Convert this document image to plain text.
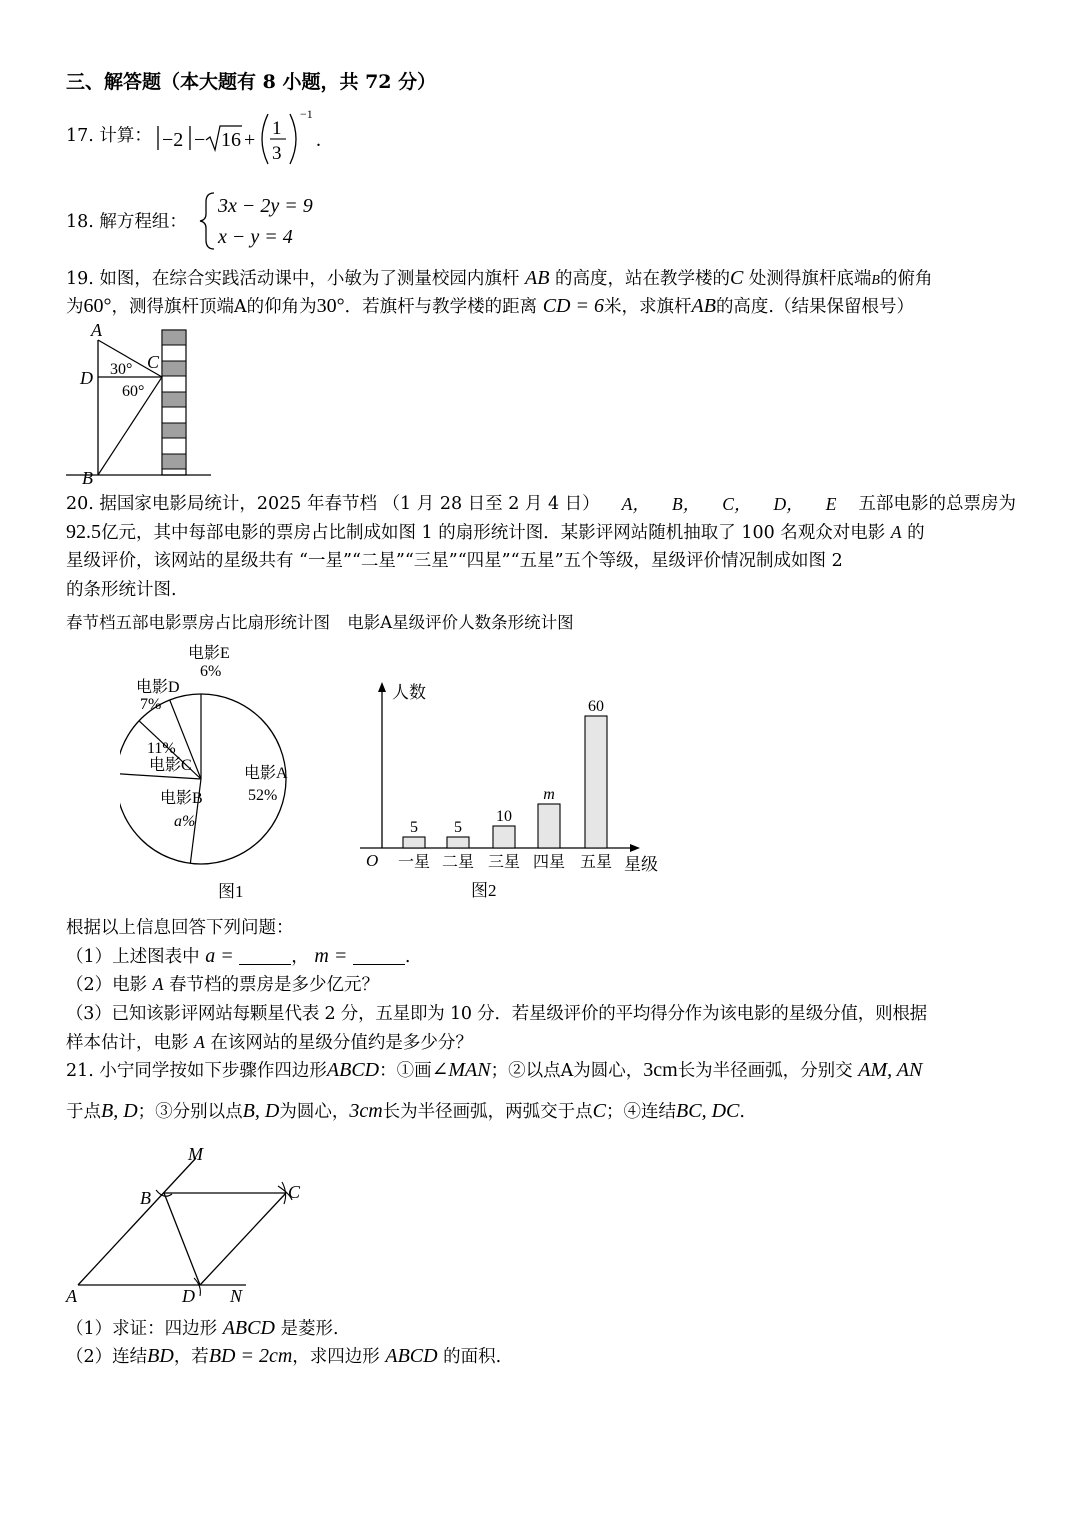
三、解答题（本大题有 8 小题，共 72 分）
17. 计算： −2 − 16 +
1
3
−1
.
18. 解方程组：
3x − 2y = 9
x − y = 4
19. 如图，在综合实践活动课中，小敏为了测量校园内旗杆 AB 的高度，站在教学楼的C 处测得旗杆底端B的俯角
为60°，测得旗杆顶端A的仰角为30°．若旗杆与教学楼的距离 CD = 6米，求旗杆AB的高度.（结果保留根号）
A
D
B
C
30°
60°
20. 据国家电影局统计，2025 年春节档 （1 月 28 日至 2 月 4 日） A， B， C， D， E 五部电影的总票房为
92.5亿元，其中每部电影的票房占比制成如图 1 的扇形统计图．某影评网站随机抽取了 100 名观众对电影 A 的
星级评价，该网站的星级共有 “一星”“二星”“三星”“四星”“五星”五个等级，星级评价情况制成如图 2
的条形统计图.
春节档五部电影票房占比扇形统计图 电影A星级评价人数条形统计图
电影E
6%
电影D
7%
11%
电影C
电影B
a%
电影A
52%
图1
人数
星级
O
5
一星
5
二星
10
三星
m
四星
60
五星
图2
根据以上信息回答下列问题：
（1）上述图表中 a =	， m =	.
（2）电影 A 春节档的票房是多少亿元？
（3）已知该影评网站每颗星代表 2 分，五星即为 10 分．若星级评价的平均得分作为该电影的星级分值，则根据
样本估计，电影 A 在该网站的星级分值约是多少分？
21. 小宁同学按如下步骤作四边形ABCD：①画∠MAN；②以点A为圆心，3cm长为半径画弧，分别交 AM, AN
于点B, D；③分别以点B, D为圆心，3cm长为半径画弧，两弧交于点C；④连结BC, DC.
M
B	C
A	D N
（1）求证：四边形 ABCD 是菱形.
（2）连结BD，若BD = 2cm，求四边形 ABCD 的面积.
